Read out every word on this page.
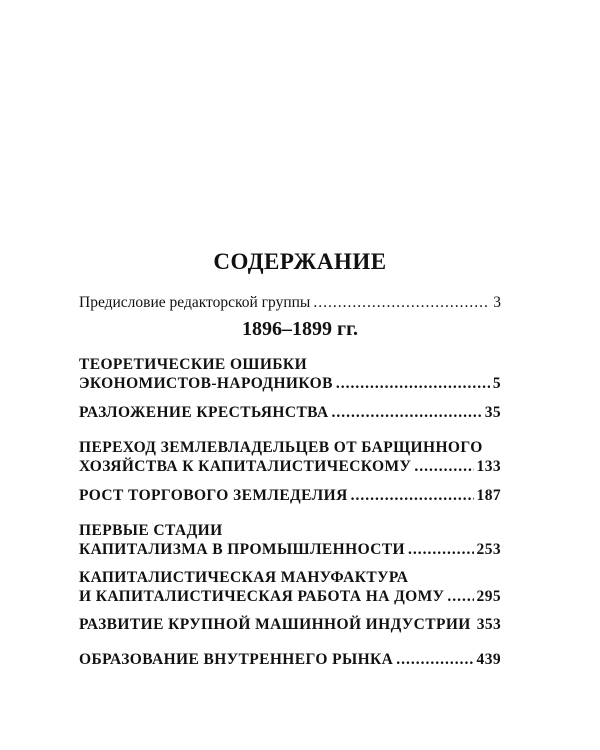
СОДЕРЖАНИЕ
Предисловие редакторской группы .....	3
1896–1899 гг.
ТЕОРЕТИЧЕСКИЕ ОШИБКИ
ЭКОНОМИСТОВ-НАРОДНИКОВ .....	5
РАЗЛОЖЕНИЕ КРЕСТЬЯНСТВА .....	35
ПЕРЕХОД ЗЕМЛЕВЛАДЕЛЬЦЕВ ОТ БАРЩИННОГО
ХОЗЯЙСТВА К КАПИТАЛИСТИЧЕСКОМУ .....	133
РОСТ ТОРГОВОГО ЗЕМЛЕДЕЛИЯ .....	187
ПЕРВЫЕ СТАДИИ
КАПИТАЛИЗМА В ПРОМЫШЛЕННОСТИ .....	253
КАПИТАЛИСТИЧЕСКАЯ МАНУФАКТУРА
И КАПИТАЛИСТИЧЕСКАЯ РАБОТА НА ДОМУ ..... 295
РАЗВИТИЕ КРУПНОЙ МАШИННОЙ ИНДУСТРИИ 353
ОБРАЗОВАНИЕ ВНУТРЕННЕГО РЫНКА .....	439
